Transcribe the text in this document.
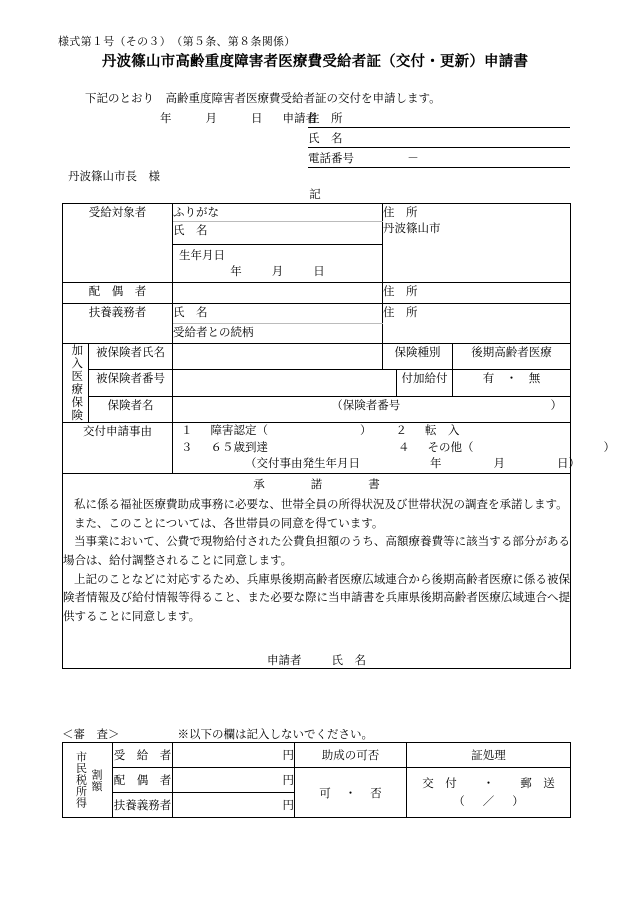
様式第１号（その３）　（第５条、第８条関係）
丹波篠山市高齢重度障害者医療費受給者証（交付・更新）申請書
下記のとおり　高齢重度障害者医療費受給者証の交付を申請します。
年	月	日 申請者
住　所
氏　名
電話番号	－
丹波篠山市長　様
記
受給対象者		ふりがな	住　所
丹波篠山市		

		氏　名			

		生年月日
年 月 日			

配　偶　者			住　所		
扶養義務者		氏　名	住　所		
		受給者との続柄			

加入医療保険	被保険者氏名		保険種別		後期高齢者医療
	被保険者番号			付加給付	有　・　無
	保険者名	（保険者番号 ）			

交付申請事由		１ 障害認定（ ） ２ 転　入
３ ６５歳到達 ４ その他（ ）
（交付事由発生年月日 年 月 日）			

承	諾	書

私に係る福祉医療費助成事務に必要な、世帯全員の所得状況及び世帯状況の調査を承諾します。

また、このことについては、各世帯員の同意を得ています。

当事業において、公費で現物給付された公費負担額のうち、高額療養費等に該当する部分がある場合は、給付調整されることに同意します。

上記のことなどに対応するため、兵庫県後期高齢者医療広域連合から後期高齢者医療に係る被保険者情報及び給付情報等得ること、また必要な際に当申請書を兵庫県後期高齢者医療広域連合へ提供することに同意します。

申請者	氏　名
＜審　査＞	※以下の欄は記入しないでください。
割額
市民税所得	受　給　者	円	助成の可否	証処理
	配　偶　者	円	可 ・ 否	交　付 ・ 郵　送
（ ／ ）

	扶養義務者	円		
